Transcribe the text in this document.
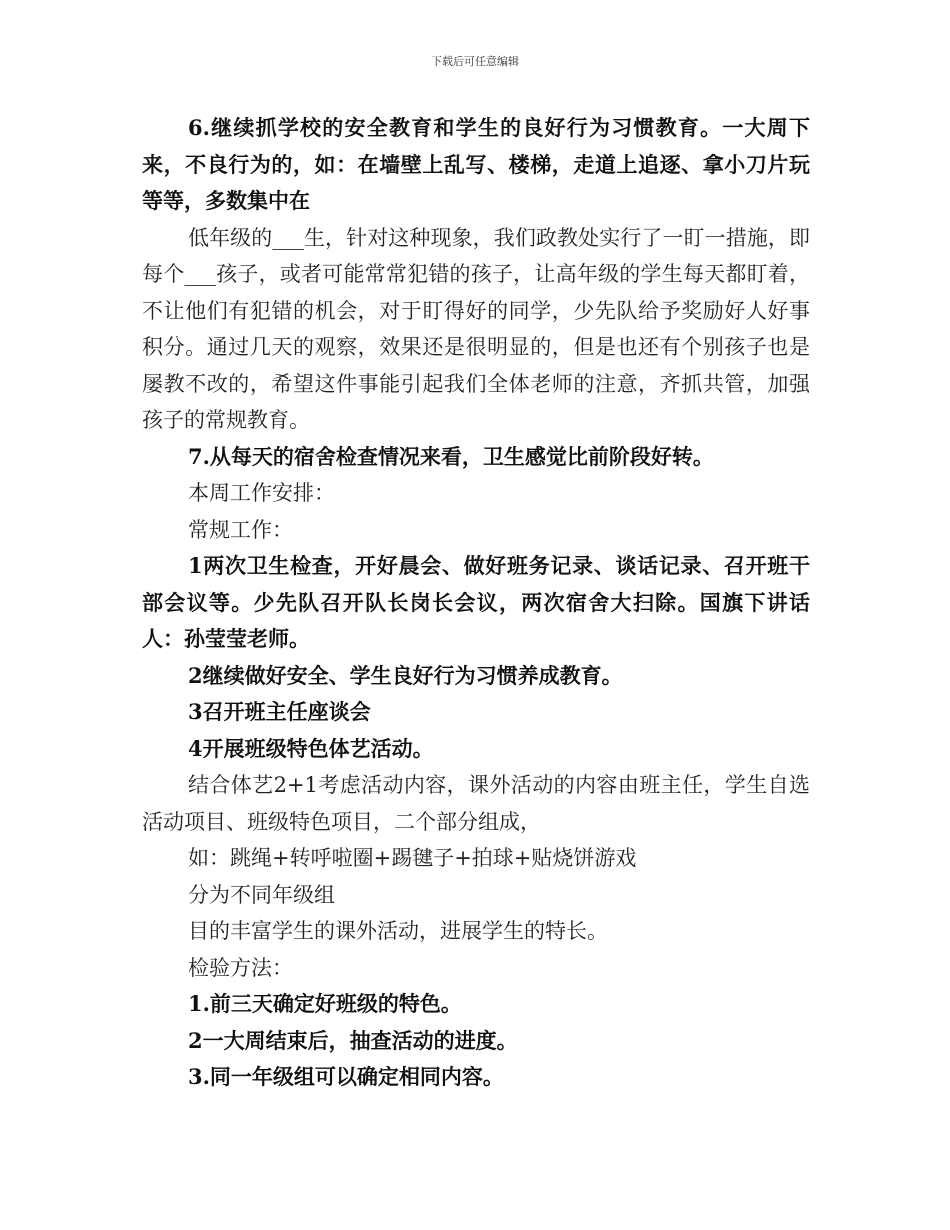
下载后可任意编辑

6.继续抓学校的安全教育和学生的良好行为习惯教育。一大周下来，不良行为的，如：在墙壁上乱写、楼梯，走道上追逐、拿小刀片玩等等，多数集中在

低年级的___生，针对这种现象，我们政教处实行了一盯一措施，即每个___孩子，或者可能常常犯错的孩子，让高年级的学生每天都盯着，不让他们有犯错的机会，对于盯得好的同学，少先队给予奖励好人好事积分。通过几天的观察，效果还是很明显的，但是也还有个别孩子也是屡教不改的，希望这件事能引起我们全体老师的注意，齐抓共管，加强孩子的常规教育。

7.从每天的宿舍检查情况来看，卫生感觉比前阶段好转。

本周工作安排：

常规工作：

1两次卫生检查，开好晨会、做好班务记录、谈话记录、召开班干部会议等。少先队召开队长岗长会议，两次宿舍大扫除。国旗下讲话人：孙莹莹老师。

2继续做好安全、学生良好行为习惯养成教育。

3召开班主任座谈会

4开展班级特色体艺活动。

结合体艺2+1考虑活动内容，课外活动的内容由班主任，学生自选活动项目、班级特色项目，二个部分组成，

如：跳绳+转呼啦圈+踢毽子+拍球+贴烧饼游戏

分为不同年级组

目的丰富学生的课外活动，进展学生的特长。

检验方法：

1.前三天确定好班级的特色。

2一大周结束后，抽查活动的进度。

3.同一年级组可以确定相同内容。
